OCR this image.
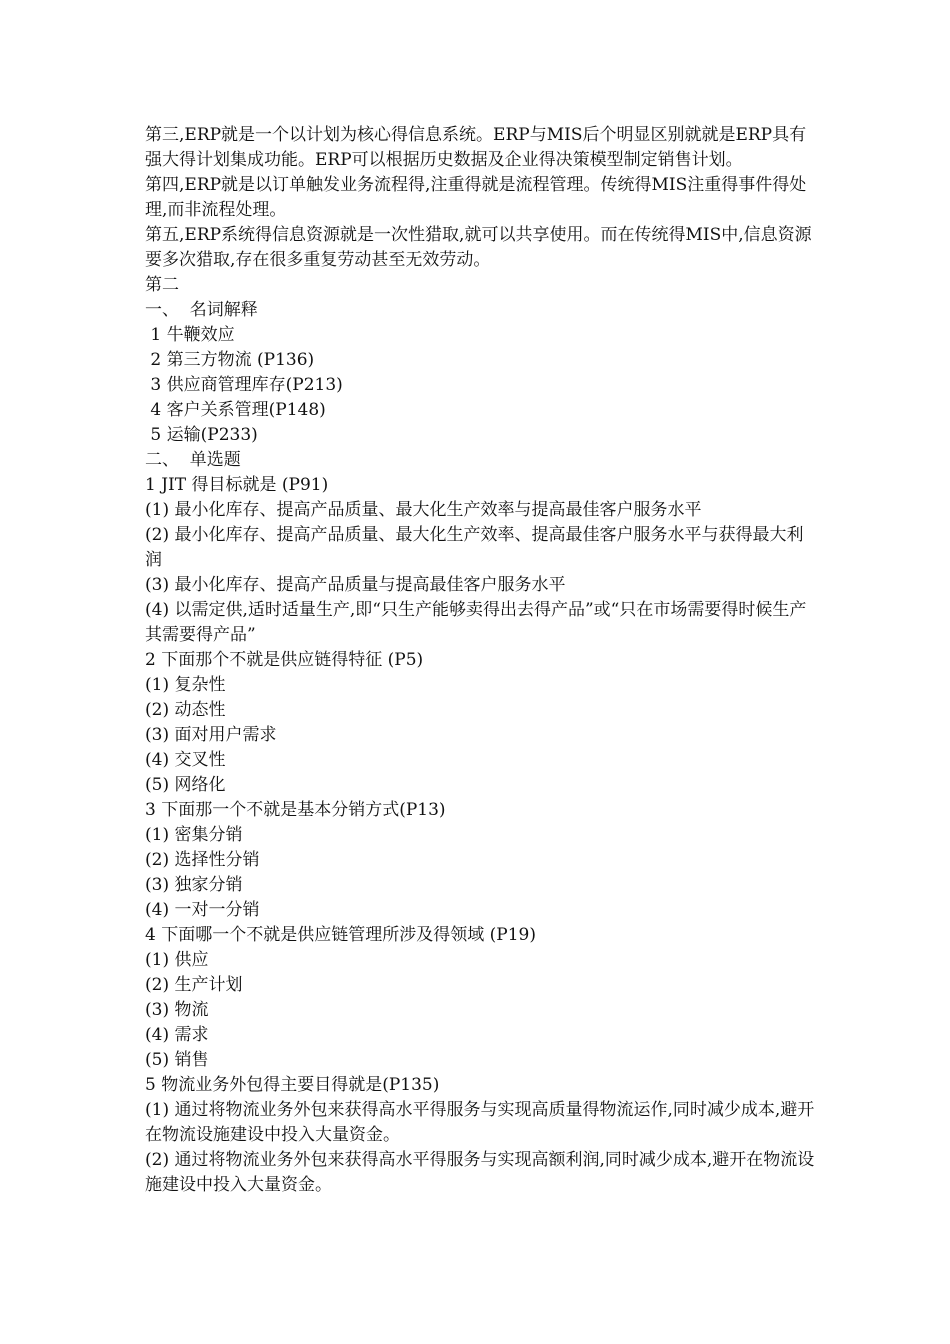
第三,ERP就是一个以计划为核心得信息系统。ERP与MIS后个明显区别就就是ERP具有强大得计划集成功能。ERP可以根据历史数据及企业得决策模型制定销售计划。

第四,ERP就是以订单触发业务流程得,注重得就是流程管理。传统得MIS注重得事件得处理,而非流程处理。

第五,ERP系统得信息资源就是一次性猎取,就可以共享使用。而在传统得MIS中,信息资源要多次猎取,存在很多重复劳动甚至无效劳动。

第二

一、  名词解释

1 牛鞭效应

2 第三方物流 (P136)

3 供应商管理库存(P213)

4 客户关系管理(P148)

5 运输(P233)

二、  单选题

1 JIT 得目标就是 (P91)

(1) 最小化库存、提高产品质量、最大化生产效率与提高最佳客户服务水平

(2) 最小化库存、提高产品质量、最大化生产效率、提高最佳客户服务水平与获得最大利润

(3) 最小化库存、提高产品质量与提高最佳客户服务水平

(4) 以需定供,适时适量生产,即“只生产能够卖得出去得产品”或“只在市场需要得时候生产其需要得产品”

2 下面那个不就是供应链得特征 (P5)

(1) 复杂性

(2) 动态性

(3) 面对用户需求

(4) 交叉性

(5) 网络化

3 下面那一个不就是基本分销方式(P13)

(1) 密集分销

(2) 选择性分销

(3) 独家分销

(4) 一对一分销

4 下面哪一个不就是供应链管理所涉及得领域 (P19)

(1) 供应

(2) 生产计划

(3) 物流

(4) 需求

(5) 销售

5 物流业务外包得主要目得就是(P135)

(1) 通过将物流业务外包来获得高水平得服务与实现高质量得物流运作,同时减少成本,避开在物流设施建设中投入大量资金。

(2) 通过将物流业务外包来获得高水平得服务与实现高额利润,同时减少成本,避开在物流设施建设中投入大量资金。
